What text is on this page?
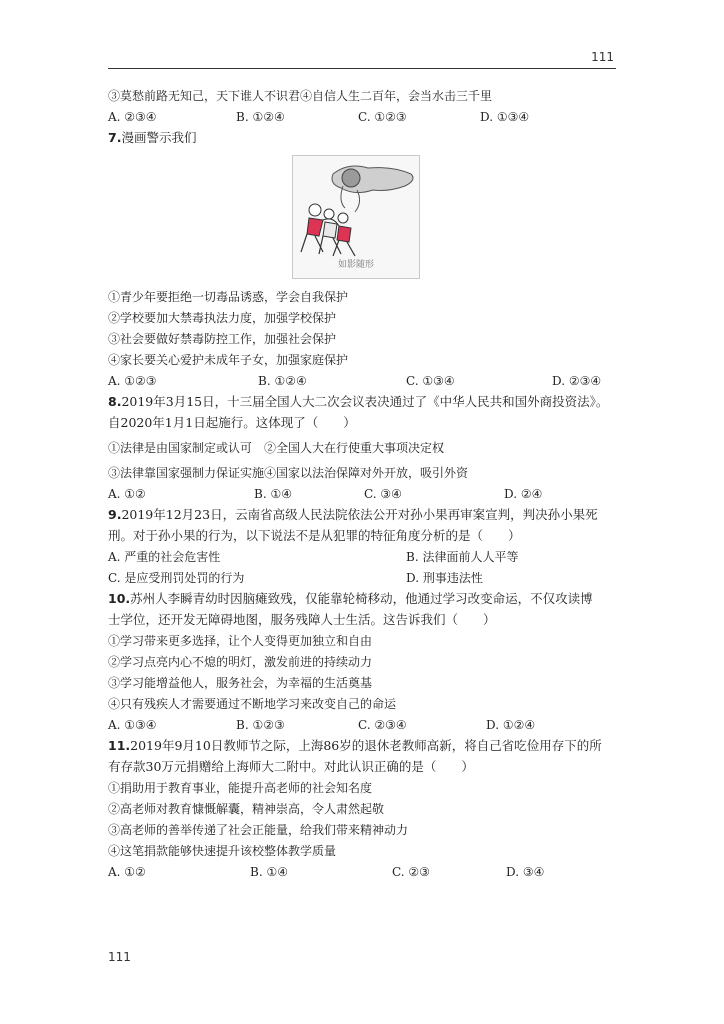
111
③莫愁前路无知己，天下谁人不识君④自信人生二百年，会当水击三千里
A. ②③④	B. ①②④	C. ①②③	D. ①③④
7.漫画警示我们
如影随形
①青少年要拒绝一切毒品诱惑，学会自我保护
②学校要加大禁毒执法力度，加强学校保护
③社会要做好禁毒防控工作，加强社会保护
④家长要关心爱护未成年子女，加强家庭保护
A. ①②③	B. ①②④	C. ①③④	D. ②③④
8.2019年3月15日，十三届全国人大二次会议表决通过了《中华人民共和国外商投资法》。
自2020年1月1日起施行。这体现了（　　）
①法律是由国家制定或认可　②全国人大在行使重大事项决定权
③法律靠国家强制力保证实施④国家以法治保障对外开放，吸引外资
A. ①②	B. ①④	C. ③④	D. ②④
9.2019年12月23日，云南省高级人民法院依法公开对孙小果再审案宣判，判决孙小果死
刑。对于孙小果的行为，以下说法不是从犯罪的特征角度分析的是（　　）
A. 严重的社会危害性	B. 法律面前人人平等
C. 是应受刑罚处罚的行为	D. 刑事违法性
10.苏州人李瞬青幼时因脑瘫致残，仅能靠轮椅移动，他通过学习改变命运，不仅攻读博
士学位，还开发无障碍地图，服务残障人士生活。这告诉我们（　　）
①学习带来更多选择，让个人变得更加独立和自由
②学习点亮内心不熄的明灯，激发前进的持续动力
③学习能增益他人，服务社会，为幸福的生活奠基
④只有残疾人才需要通过不断地学习来改变自己的命运
A. ①③④	B. ①②③	C. ②③④	D. ①②④
11.2019年9月10日教师节之际，上海86岁的退休老教师高新，将自己省吃俭用存下的所
有存款30万元捐赠给上海师大二附中。对此认识正确的是（　　）
①捐助用于教育事业，能提升高老师的社会知名度
②高老师对教育慷慨解囊，精神崇高，令人肃然起敬
③高老师的善举传递了社会正能量，给我们带来精神动力
④这笔捐款能够快速提升该校整体教学质量
A. ①②	B. ①④	C. ②③	D. ③④
111
